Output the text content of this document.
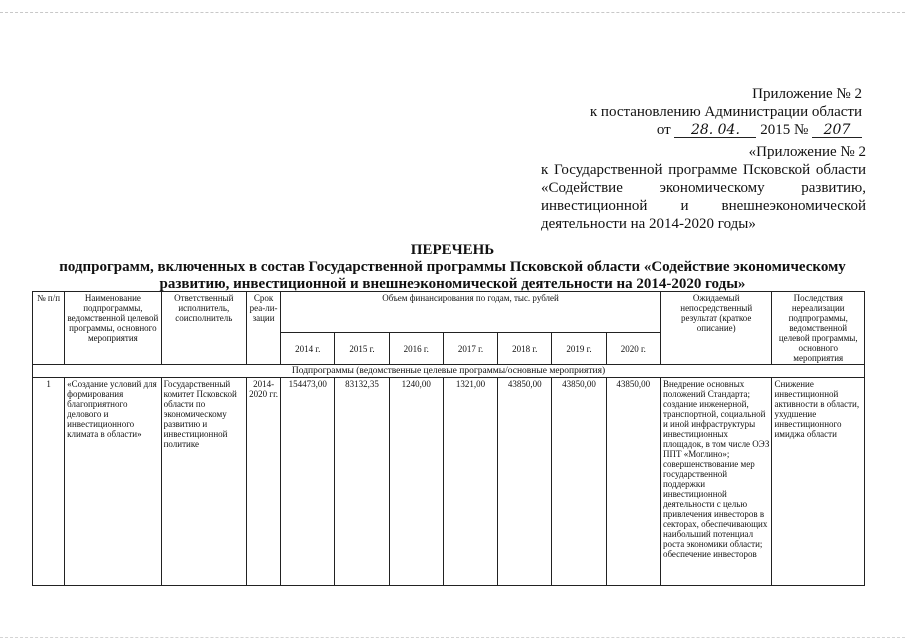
Приложение № 2
к постановлению Администрации области
от 28. 04. 2015 № 207
«Приложение № 2
к Государственной программе Псковской области «Содействие экономическому развитию, инвестиционной и внешнеэкономической деятельности на 2014-2020 годы»
ПЕРЕЧЕНЬ
подпрограмм, включенных в состав Государственной программы Псковской области «Содействие экономическому развитию, инвестиционной и внешнеэкономической деятельности на 2014-2020 годы»
№ п/п	Наименование подпрограммы, ведомственной целевой программы, основного мероприятия	Ответственный исполнитель, соисполнитель	Срок реа-ли-зации	Объем финансирования по годам, тыс. рублей							Ожидаемый непосредственный результат (краткое описание)	Последствия нереализации подпрограммы, ведомственной целевой программы, основного мероприятия
				2014 г.	2015 г.	2016 г.	2017 г.	2018 г.	2019 г.	2020 г.		
Подпрограммы (ведомственные целевые программы/основные мероприятия)												
1	«Создание условий для формирования благоприятного делового и инвестиционного климата в области»	Государственный комитет Псковской области по экономическому развитию и инвестиционной политике	2014-2020 гг.	154473,00	83132,35	1240,00	1321,00	43850,00	43850,00	43850,00	Внедрение основных положений Стандарта; создание инженерной, транспортной, социальной и иной инфраструктуры инвестиционных площадок, в том числе ОЭЗ ППТ «Моглино»; совершенствование мер государственной поддержки инвестиционной деятельности с целью привлечения инвесторов в секторах, обеспечивающих наибольший потенциал роста экономики области; обеспечение инвесторов	Снижение инвестиционной активности в области, ухудшение инвестиционного имиджа области
